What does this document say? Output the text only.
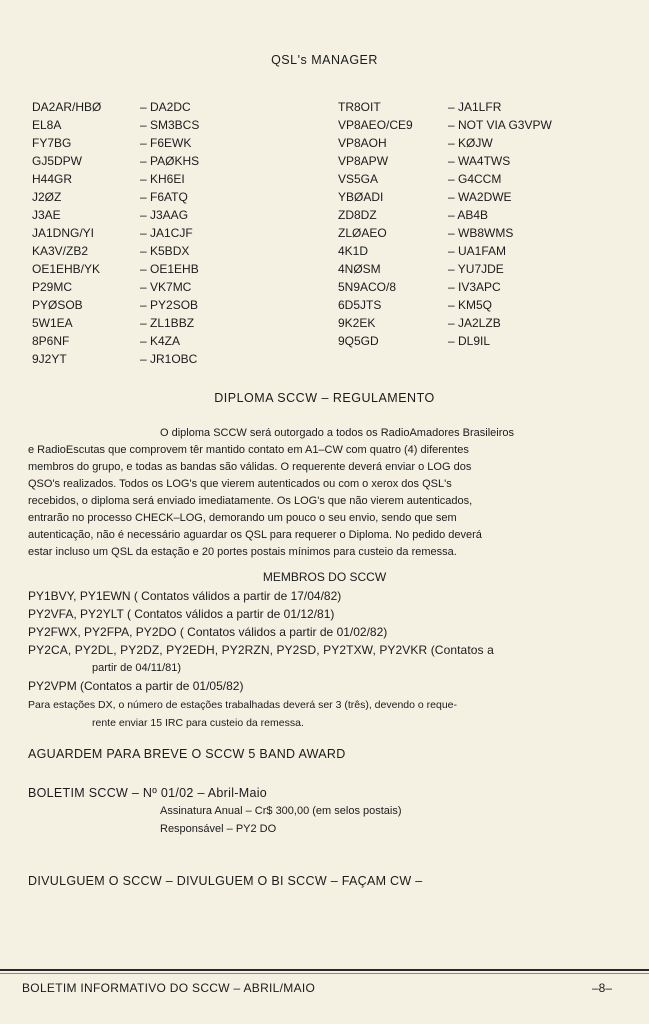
QSL's MANAGER
DA2AR/HBØ
EL8A
FY7BG
GJ5DPW
H44GR
J2ØZ
J3AE
JA1DNG/YI
KA3V/ZB2
OE1EHB/YK
P29MC
PYØSOB
5W1EA
8P6NF
9J2YT
– DA2DC
– SM3BCS
– F6EWK
– PAØKHS
– KH6EI
– F6ATQ
– J3AAG
– JA1CJF
– K5BDX
– OE1EHB
– VK7MC
– PY2SOB
– ZL1BBZ
– K4ZA
– JR1OBC
TR8OIT
VP8AEO/CE9
VP8AOH
VP8APW
VS5GA
YBØADI
ZD8DZ
ZLØAEO
4K1D
4NØSM
5N9ACO/8
6D5JTS
9K2EK
9Q5GD
– JA1LFR
– NOT VIA G3VPW
– KØJW
– WA4TWS
– G4CCM
– WA2DWE
– AB4B
– WB8WMS
– UA1FAM
– YU7JDE
– IV3APC
– KM5Q
– JA2LZB
– DL9IL
DIPLOMA SCCW – REGULAMENTO
O diploma SCCW será outorgado a todos os RadioAmadores Brasileiros
e RadioEscutas que comprovem têr mantido contato em A1–CW com quatro (4) diferentes
membros do grupo, e todas as bandas são válidas. O requerente deverá enviar o LOG dos
QSO's realizados. Todos os LOG's que vierem autenticados ou com o xerox dos QSL's
recebidos, o diploma será enviado imediatamente. Os LOG's que não vierem autenticados,
entrarão no processo CHECK–LOG, demorando um pouco o seu envio, sendo que sem
autenticação, não é necessário aguardar os QSL para requerer o Diploma. No pedido deverá
estar incluso um QSL da estação e 20 portes postais mínimos para custeio da remessa.
MEMBROS DO SCCW
PY1BVY, PY1EWN ( Contatos válidos a partir de 17/04/82)
PY2VFA, PY2YLT ( Contatos válidos a partir de 01/12/81)
PY2FWX, PY2FPA, PY2DO ( Contatos válidos a partir de 01/02/82)
PY2CA, PY2DL, PY2DZ, PY2EDH, PY2RZN, PY2SD, PY2TXW, PY2VKR (Contatos a
partir de 04/11/81)
PY2VPM (Contatos a partir de 01/05/82)
Para estações DX, o número de estações trabalhadas deverá ser 3 (três), devendo o reque-
rente enviar 15 IRC para custeio da remessa.
AGUARDEM PARA BREVE O SCCW 5 BAND AWARD
BOLETIM SCCW – Nº 01/02 – Abril-Maio
Assinatura Anual – Cr$ 300,00 (em selos postais)
Responsável – PY2 DO
DIVULGUEM O SCCW – DIVULGUEM O BI SCCW – FAÇAM CW –
BOLETIM INFORMATIVO DO SCCW – ABRIL/MAIO	–8–
